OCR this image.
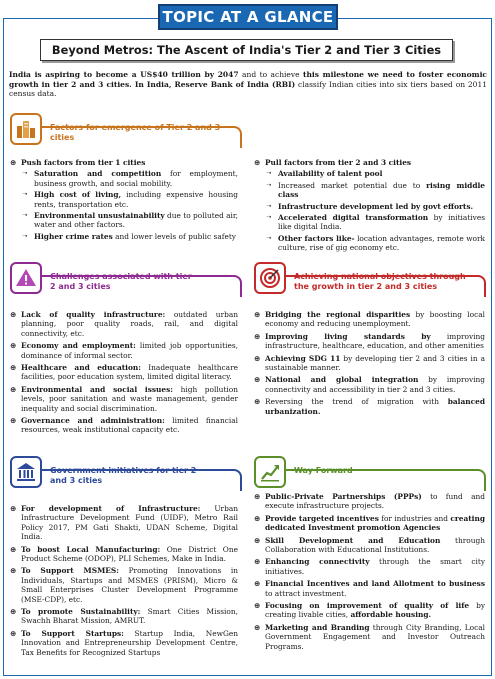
TOPIC AT A GLANCE
Beyond Metros: The Ascent of India's Tier 2 and Tier 3 Cities
India is aspiring to become a US$40 trillion by 2047 and to achieve this milestone we need to foster economic growth in tier 2 and 3 cities. In India, Reserve Bank of India (RBI) classify Indian cities into six tiers based on 2011 census data.
Factors for emergence of Tier 2 and 3 cities
⊕ Push factors from tier 1 cities
➝ Saturation and competition for employment, business growth, and social mobility.
➝ High cost of living, including expensive housing rents, transportation etc.
➝ Environmental unsustainability due to polluted air, water and other factors.
➝ Higher crime rates and lower levels of public safety
⊕ Pull factors from tier 2 and 3 cities
➝ Availability of talent pool
➝ Increased market potential due to rising middle class
➝ Infrastructure development led by govt efforts.
➝ Accelerated digital transformation by initiatives like digital India.
➝ Other factors like- location advantages, remote work culture, rise of gig economy etc.
Challenges associated with tier 2 and 3 cities
⊕ Lack of quality infrastructure: outdated urban planning, poor quality roads, rail, and digital connectivity, etc.
⊕ Economy and employment: limited job opportunities, dominance of informal sector.
⊕ Healthcare and education: Inadequate healthcare facilities, poor education system, limited digital literacy.
⊕ Environmental and social issues: high pollution levels, poor sanitation and waste management, gender inequality and social discrimination.
⊕ Governance and administration: limited financial resources, weak institutional capacity etc.
Achieving national objectives through the growth in tier 2 and 3 cities
⊕ Bridging the regional disparities by boosting local economy and reducing unemployment.
⊕ Improving living standards by improving infrastructure, healthcare, education, and other amenities
⊕ Achieving SDG 11 by developing tier 2 and 3 cities in a sustainable manner.
⊕ National and global integration by improving connectivity and accessibility in tier 2 and 3 cities.
⊕ Reversing the trend of migration with balanced urbanization.
Government initiatives for tier 2 and 3 cities
⊕ For development of Infrastructure: Urban Infrastructure Development Fund (UIDF), Metro Rail Policy 2017, PM Gati Shakti, UDAN Scheme, Digital India.
⊕ To boost Local Manufacturing: One District One Product Scheme (ODOP), PLI Schemes, Make in India.
⊕ To Support MSMES: Promoting Innovations in Individuals, Startups and MSMES (PRISM), Micro & Small Enterprises Cluster Development Programme (MSE-CDP), etc.
⊕ To promote Sustainability: Smart Cities Mission, Swachh Bharat Mission, AMRUT.
⊕ To Support Startups: Startup India, NewGen Innovation and Entrepreneurship Development Centre, Tax Benefits for Recognized Startups
Way Forward
⊕ Public-Private Partnerships (PPPs) to fund and execute infrastructure projects.
⊕ Provide targeted incentives for industries and creating dedicated Investment promotion Agencies
⊕ Skill Development and Education through Collaboration with Educational Institutions.
⊕ Enhancing connectivity through the smart city initiatives.
⊕ Financial Incentives and land Allotment to business to attract investment.
⊕ Focusing on improvement of quality of life by creating livable cities, affordable housing.
⊕ Marketing and Branding through City Branding, Local Government Engagement and Investor Outreach Programs.
